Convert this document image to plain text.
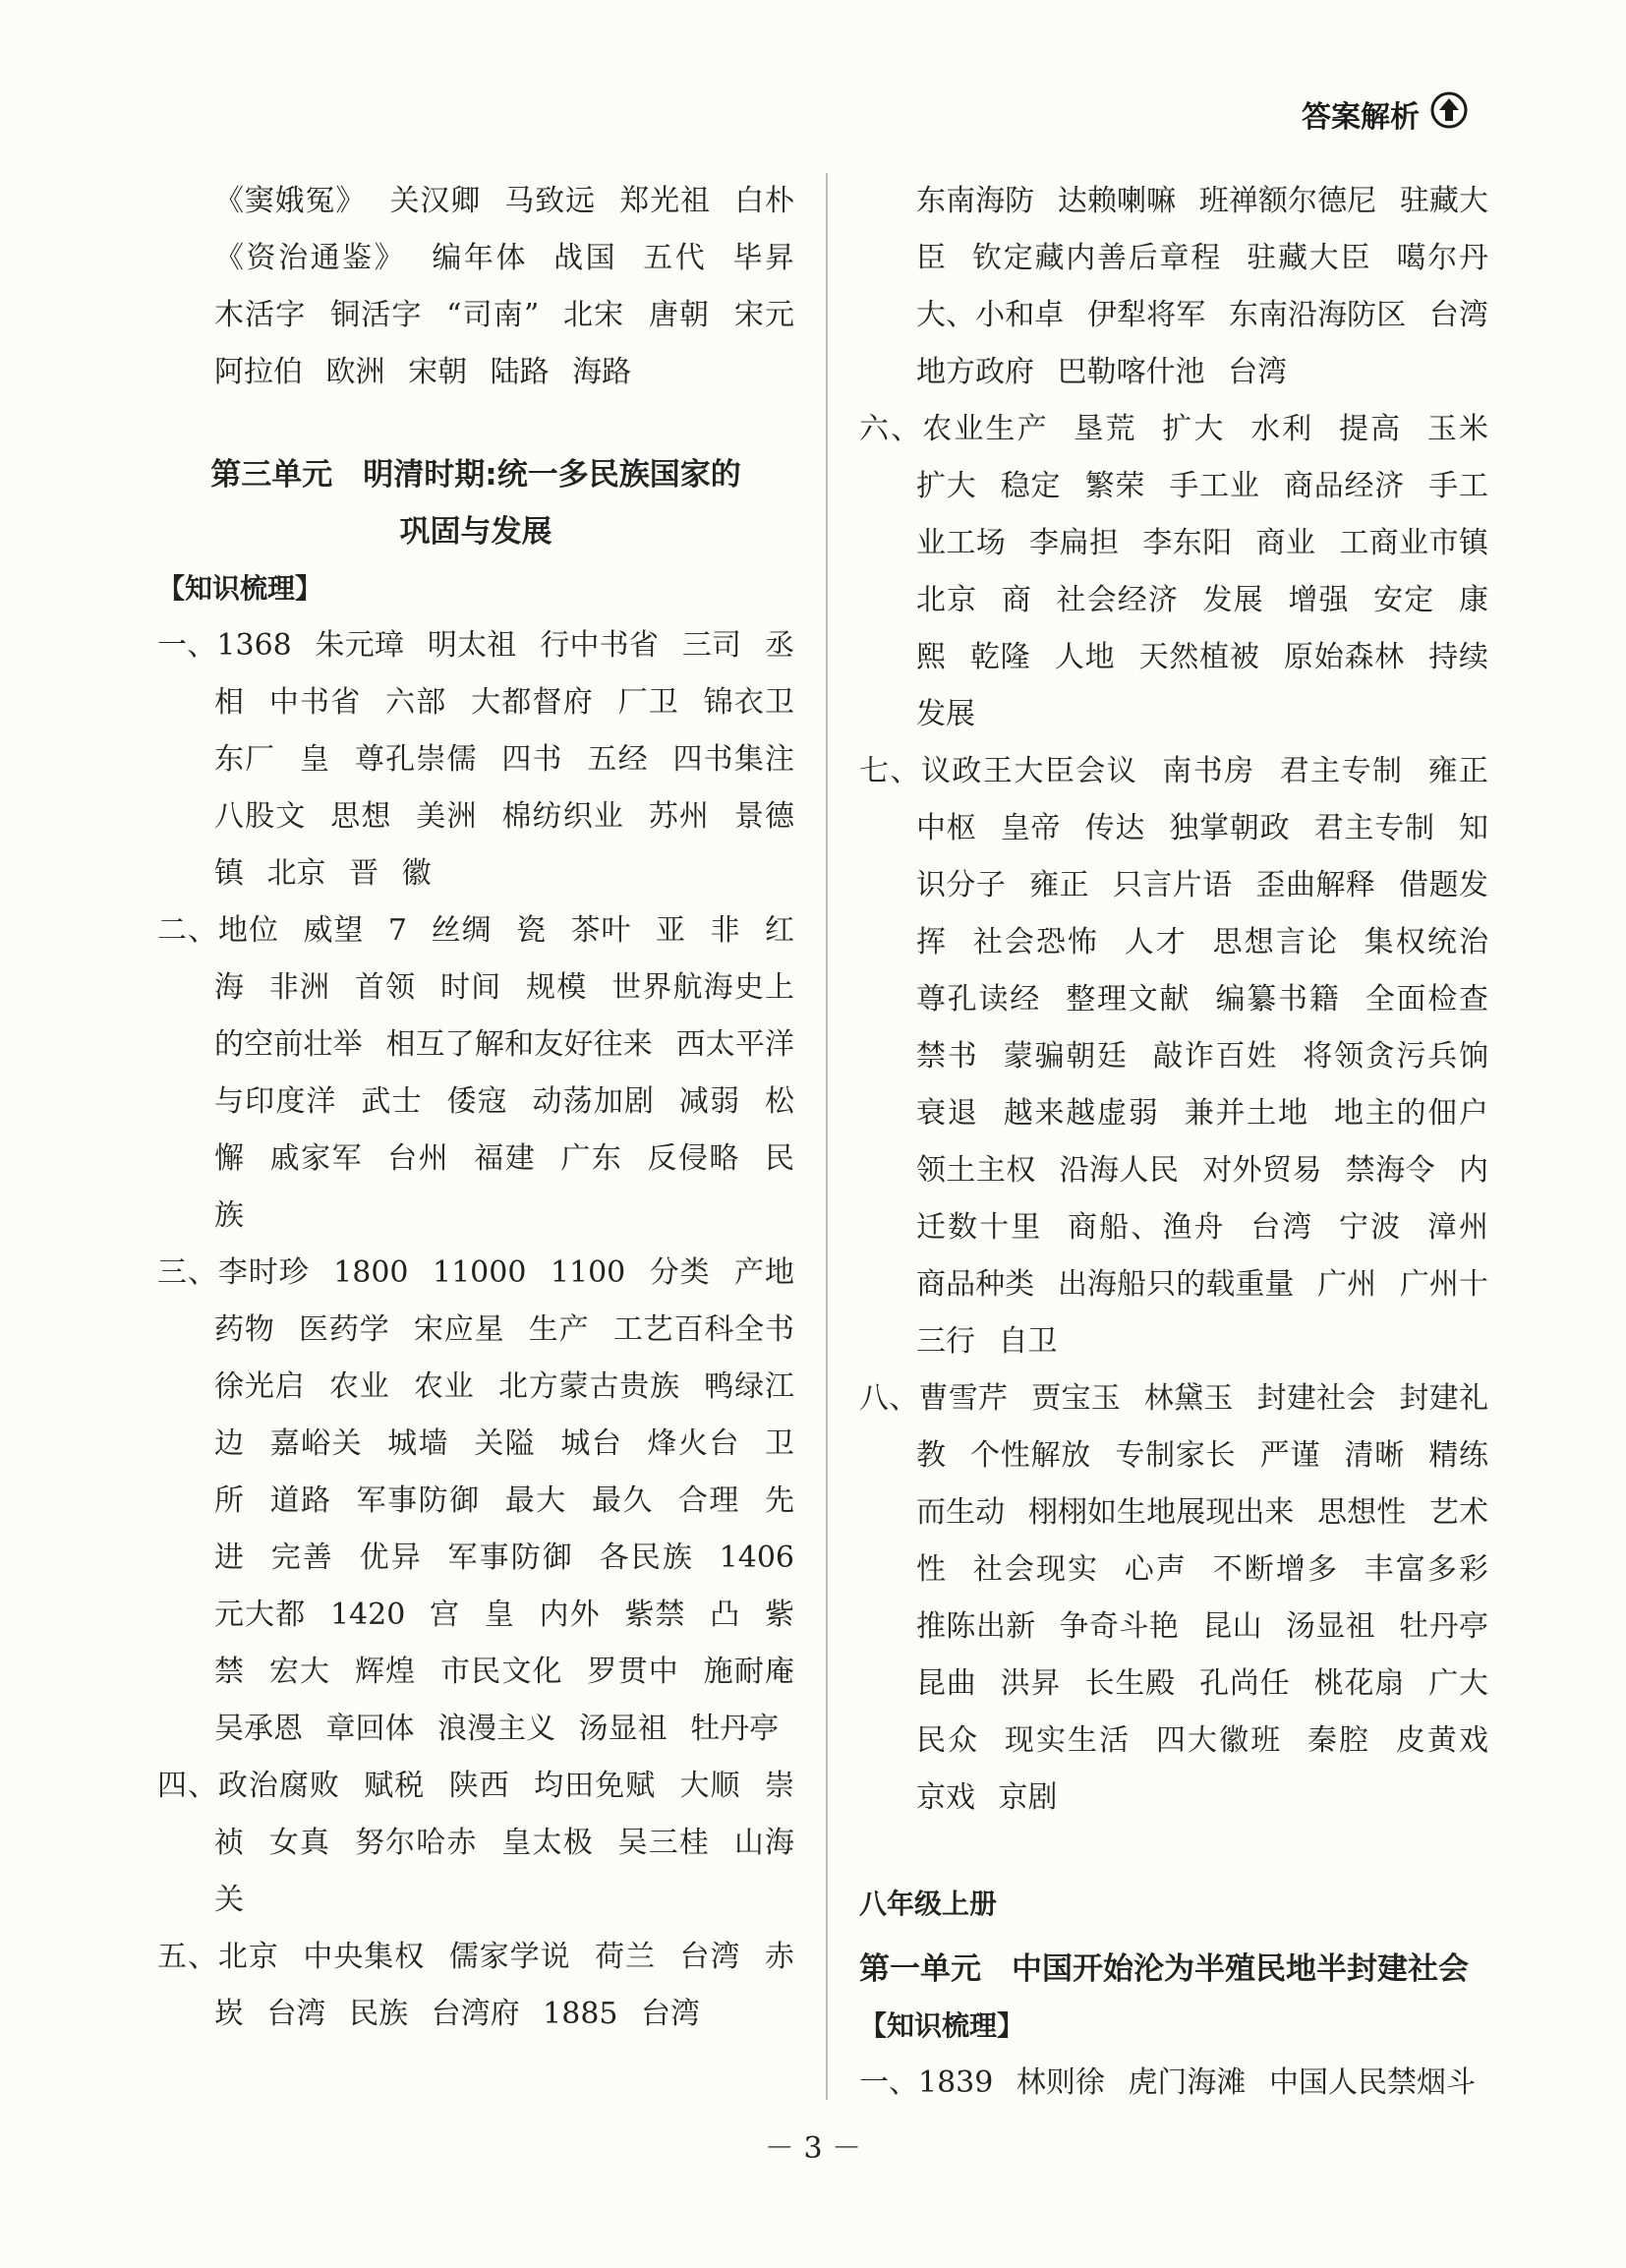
答案解析
《窦娥冤》 关汉卿 马致远 郑光祖 白朴 《资治通鉴》 编年体 战国 五代 毕昇 木活字 铜活字 “司南” 北宋 唐朝 宋元 阿拉伯 欧洲 宋朝 陆路 海路
第三单元　明清时期:统一多民族国家的
巩固与发展
【知识梳理】
一、1368 朱元璋 明太祖 行中书省 三司 丞相 中书省 六部 大都督府 厂卫 锦衣卫 东厂 皇 尊孔崇儒 四书 五经 四书集注 八股文 思想 美洲 棉纺织业 苏州 景德镇 北京 晋 徽
二、地位 威望 7 丝绸 瓷 茶叶 亚 非 红海 非洲 首领 时间 规模 世界航海史上的空前壮举 相互了解和友好往来 西太平洋与印度洋 武士 倭寇 动荡加剧 减弱 松懈 戚家军 台州 福建 广东 反侵略 民族
三、李时珍 1800 11000 1100 分类 产地 药物 医药学 宋应星 生产 工艺百科全书 徐光启 农业 农业 北方蒙古贵族 鸭绿江边 嘉峪关 城墙 关隘 城台 烽火台 卫所 道路 军事防御 最大 最久 合理 先进 完善 优异 军事防御 各民族 1406 元大都 1420 宫 皇 内外 紫禁 凸 紫禁 宏大 辉煌 市民文化 罗贯中 施耐庵 吴承恩 章回体 浪漫主义 汤显祖 牡丹亭
四、政治腐败 赋税 陕西 均田免赋 大顺 崇祯 女真 努尔哈赤 皇太极 吴三桂 山海关
五、北京 中央集权 儒家学说 荷兰 台湾 赤崁 台湾 民族 台湾府 1885 台湾
东南海防 达赖喇嘛 班禅额尔德尼 驻藏大臣 钦定藏内善后章程 驻藏大臣 噶尔丹 大、小和卓 伊犁将军 东南沿海防区 台湾地方政府 巴勒喀什池 台湾
六、农业生产 垦荒 扩大 水利 提高 玉米 扩大 稳定 繁荣 手工业 商品经济 手工业工场 李扁担 李东阳 商业 工商业市镇 北京 商 社会经济 发展 增强 安定 康熙 乾隆 人地 天然植被 原始森林 持续发展
七、议政王大臣会议 南书房 君主专制 雍正 中枢 皇帝 传达 独掌朝政 君主专制 知识分子 雍正 只言片语 歪曲解释 借题发挥 社会恐怖 人才 思想言论 集权统治 尊孔读经 整理文献 编纂书籍 全面检查 禁书 蒙骗朝廷 敲诈百姓 将领贪污兵饷 衰退 越来越虚弱 兼并土地 地主的佃户 领土主权 沿海人民 对外贸易 禁海令 内迁数十里 商船、渔舟 台湾 宁波 漳州 商品种类 出海船只的载重量 广州 广州十三行 自卫
八、曹雪芹 贾宝玉 林黛玉 封建社会 封建礼教 个性解放 专制家长 严谨 清晰 精练而生动 栩栩如生地展现出来 思想性 艺术性 社会现实 心声 不断增多 丰富多彩 推陈出新 争奇斗艳 昆山 汤显祖 牡丹亭 昆曲 洪昇 长生殿 孔尚任 桃花扇 广大民众 现实生活 四大徽班 秦腔 皮黄戏 京戏 京剧
八年级上册
第一单元　中国开始沦为半殖民地半封建社会
【知识梳理】
一、1839 林则徐 虎门海滩 中国人民禁烟斗
－ 3 －
